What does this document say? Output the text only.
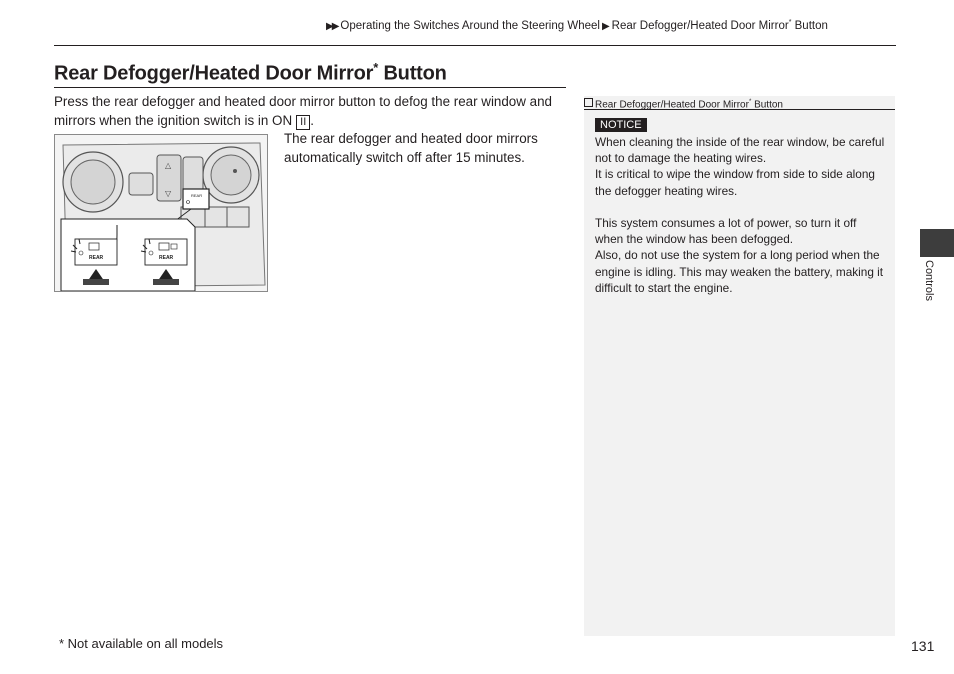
▶▶ Operating the Switches Around the Steering Wheel ▶ Rear Defogger/Heated Door Mirror* Button
Rear Defogger/Heated Door Mirror* Button
Press the rear defogger and heated door mirror button to defog the rear window and mirrors when the ignition switch is in ON II .
The rear defogger and heated door mirrors automatically switch off after 15 minutes.
△
▽	REAR
REAR	REAR
Rear Defogger/Heated Door Mirror* Button
NOTICE
When cleaning the inside of the rear window, be careful not to damage the heating wires.
It is critical to wipe the window from side to side along the defogger heating wires.
This system consumes a lot of power, so turn it off when the window has been defogged.
Also, do not use the system for a long period when the engine is idling. This may weaken the battery, making it difficult to start the engine.
* Not available on all models	131
Controls
